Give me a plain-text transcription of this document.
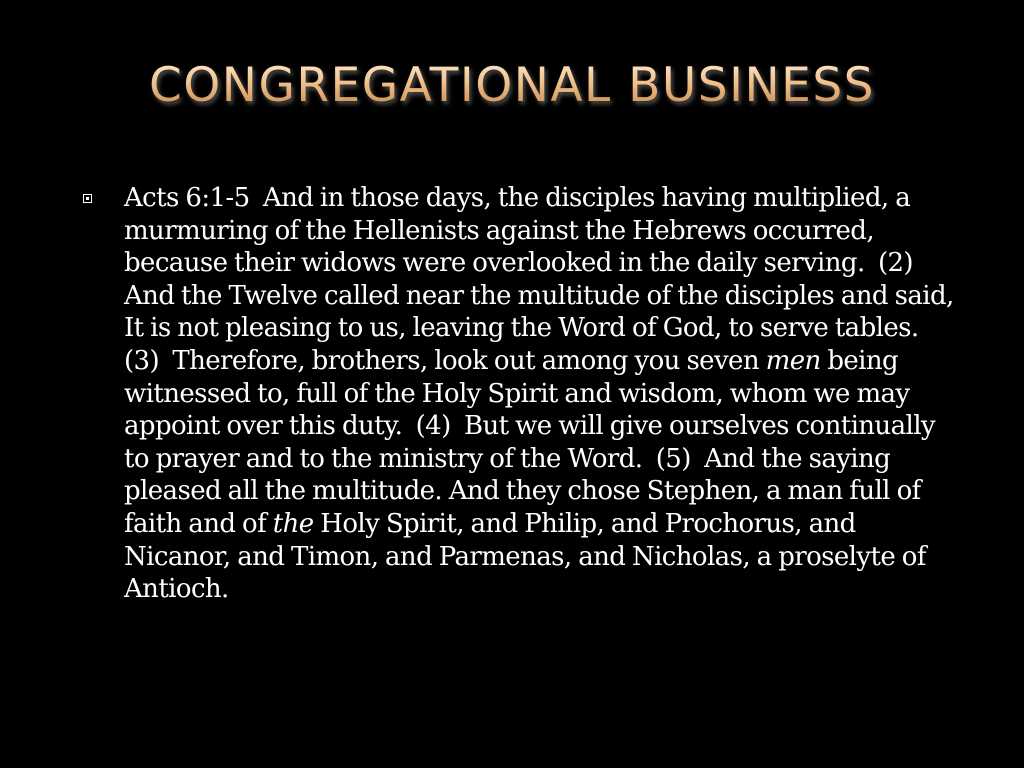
CONGREGATIONAL BUSINESS
Acts 6:1-5  And in those days, the disciples having multiplied, a murmuring of the Hellenists against the Hebrews occurred, because their widows were overlooked in the daily serving.  (2)  And the Twelve called near the multitude of the disciples and said, It is not pleasing to us, leaving the Word of God, to serve tables.  (3)  Therefore, brothers, look out among you seven men being witnessed to, full of the Holy Spirit and wisdom, whom we may appoint over this duty.  (4)  But we will give ourselves continually to prayer and to the ministry of the Word.  (5)  And the saying pleased all the multitude. And they chose Stephen, a man full of faith and of the Holy Spirit, and Philip, and Prochorus, and Nicanor, and Timon, and Parmenas, and Nicholas, a proselyte of Antioch.
